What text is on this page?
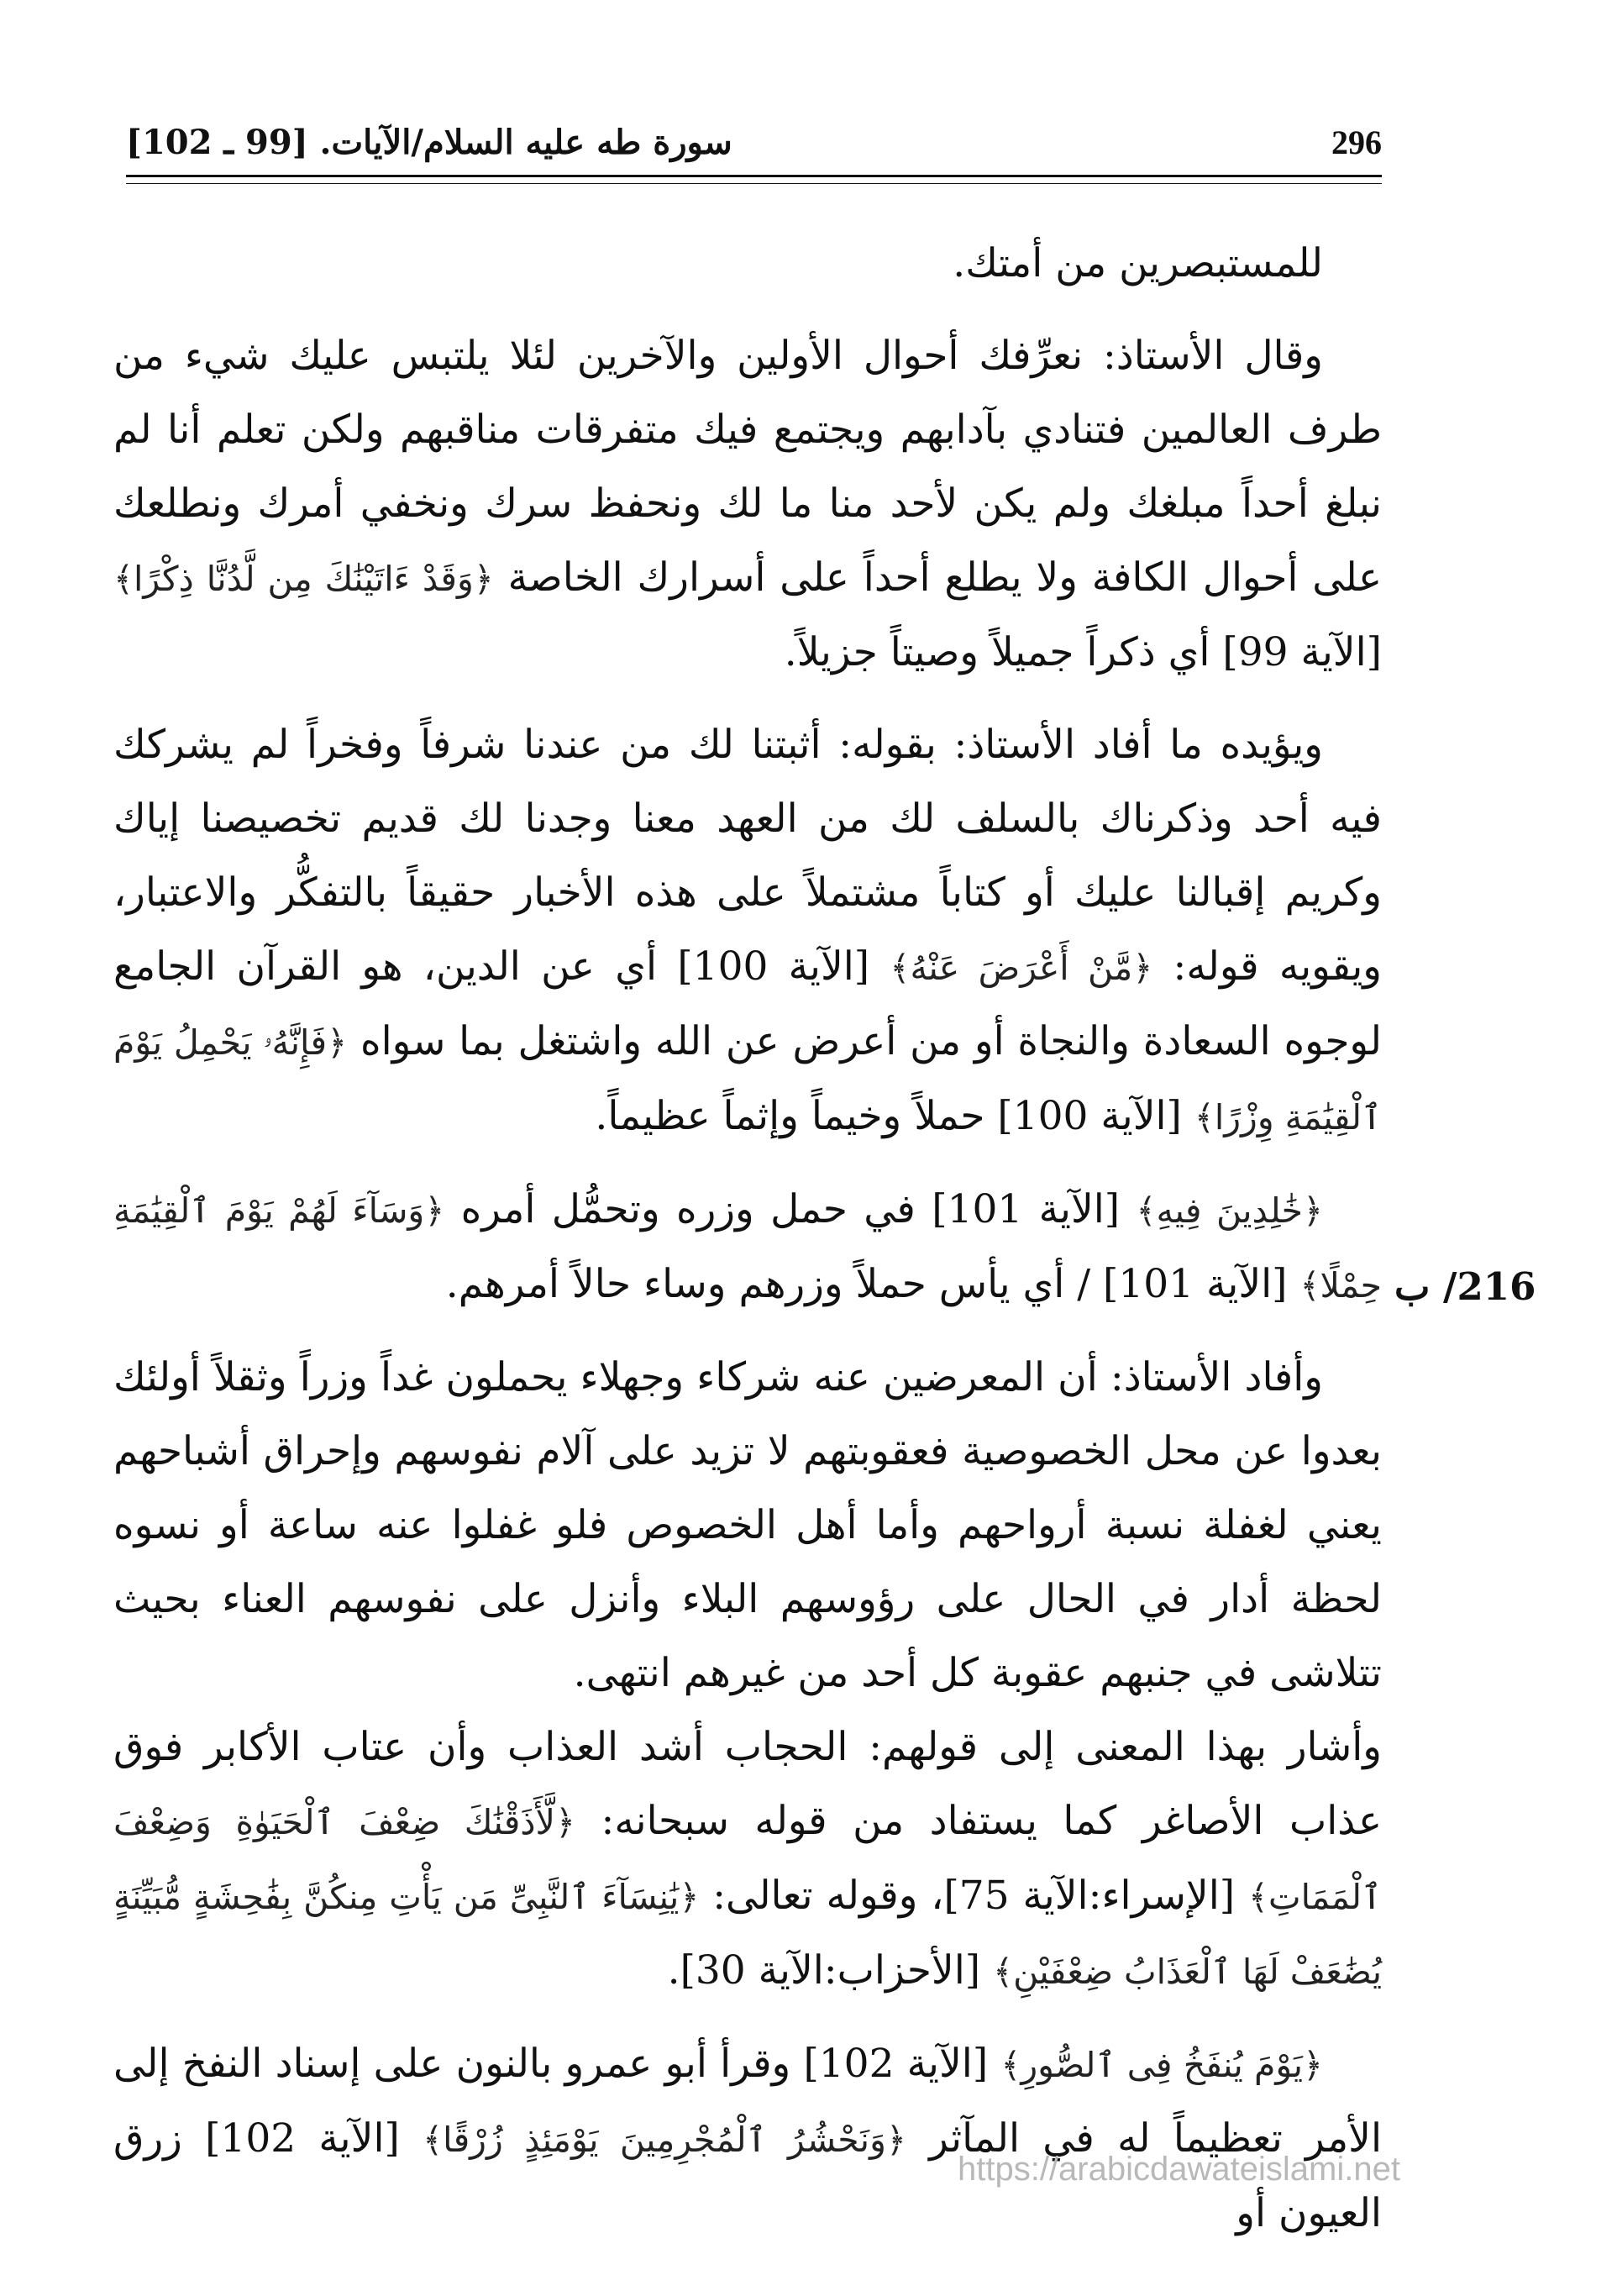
296
سورة طه عليه السلام/الآيات. [99 ـ 102]

للمستبصرين من أمتك.

وقال الأستاذ: نعرِّفك أحوال الأولين والآخرين لئلا يلتبس عليك شيء من طرف العالمين فتنادي بآدابهم ويجتمع فيك متفرقات مناقبهم ولكن تعلم أنا لم نبلغ أحداً مبلغك ولم يكن لأحد منا ما لك ونحفظ سرك ونخفي أمرك ونطلعك على أحوال الكافة ولا يطلع أحداً على أسرارك الخاصة ﴿وَقَدْ ءَاتَيْنَٰكَ مِن لَّدُنَّا ذِكْرًا﴾ [الآية 99] أي ذكراً جميلاً وصيتاً جزيلاً.

ويؤيده ما أفاد الأستاذ: بقوله: أثبتنا لك من عندنا شرفاً وفخراً لم يشركك فيه أحد وذكرناك بالسلف لك من العهد معنا وجدنا لك قديم تخصيصنا إياك وكريم إقبالنا عليك أو كتاباً مشتملاً على هذه الأخبار حقيقاً بالتفكُّر والاعتبار، ويقويه قوله: ﴿مَّنْ أَعْرَضَ عَنْهُ﴾ [الآية 100] أي عن الدين، هو القرآن الجامع لوجوه السعادة والنجاة أو من أعرض عن الله واشتغل بما سواه ﴿فَإِنَّهُۥ يَحْمِلُ يَوْمَ ٱلْقِيَٰمَةِ وِزْرًا﴾ [الآية 100] حملاً وخيماً وإثماً عظيماً.

﴿خَٰلِدِينَ فِيهِ﴾ [الآية 101] في حمل وزره وتحمُّل أمره ﴿وَسَآءَ لَهُمْ يَوْمَ ٱلْقِيَٰمَةِ حِمْلًا﴾ [الآية 101] / أي يأس حملاً وزرهم وساء حالاً أمرهم.

وأفاد الأستاذ: أن المعرضين عنه شركاء وجهلاء يحملون غداً وزراً وثقلاً أولئك بعدوا عن محل الخصوصية فعقوبتهم لا تزيد على آلام نفوسهم وإحراق أشباحهم يعني لغفلة نسبة أرواحهم وأما أهل الخصوص فلو غفلوا عنه ساعة أو نسوه لحظة أدار في الحال على رؤوسهم البلاء وأنزل على نفوسهم العناء بحيث تتلاشى في جنبهم عقوبة كل أحد من غيرهم انتهى.

وأشار بهذا المعنى إلى قولهم: الحجاب أشد العذاب وأن عتاب الأكابر فوق عذاب الأصاغر كما يستفاد من قوله سبحانه: ﴿لَّأَذَقْنَٰكَ ضِعْفَ ٱلْحَيَوٰةِ وَضِعْفَ ٱلْمَمَاتِ﴾ [الإسراء:الآية 75]، وقوله تعالى: ﴿يَٰنِسَآءَ ٱلنَّبِىِّ مَن يَأْتِ مِنكُنَّ بِفَٰحِشَةٍ مُّبَيِّنَةٍ يُضَٰعَفْ لَهَا ٱلْعَذَابُ ضِعْفَيْنِ﴾ [الأحزاب:الآية 30].

﴿يَوْمَ يُنفَخُ فِى ٱلصُّورِ﴾ [الآية 102] وقرأ أبو عمرو بالنون على إسناد النفخ إلى الأمر تعظيماً له في المآثر ﴿وَنَحْشُرُ ٱلْمُجْرِمِينَ يَوْمَئِذٍ زُرْقًا﴾ [الآية 102] زرق العيون أو

216/ ب
https://arabicdawateislami.net
